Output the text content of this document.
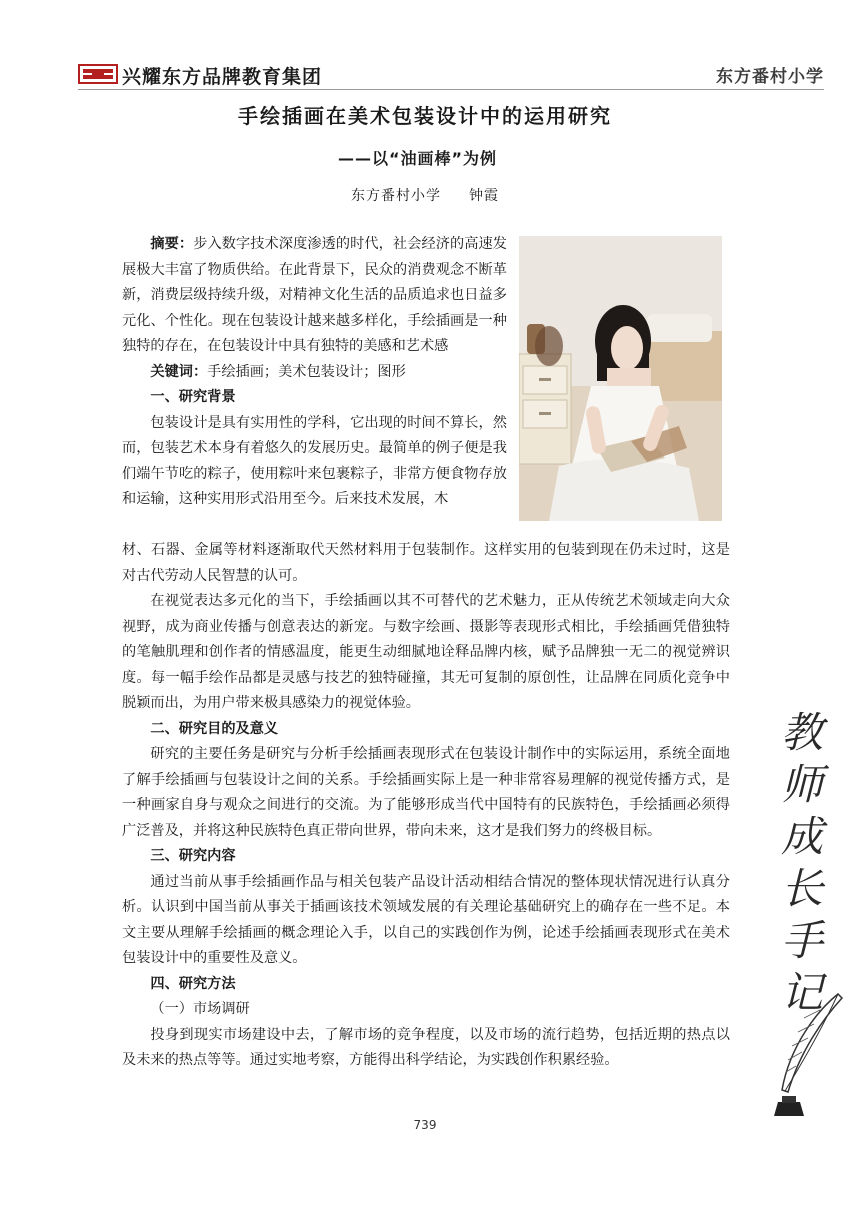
兴耀东方品牌教育集团	东方番村小学
手绘插画在美术包装设计中的运用研究
——以“油画棒”为例
东方番村小学 钟霞

摘要：步入数字技术深度渗透的时代，社会经济的高速发展极大丰富了物质供给。在此背景下，民众的消费观念不断革新，消费层级持续升级，对精神文化生活的品质追求也日益多元化、个性化。现在包装设计越来越多样化，手绘插画是一种独特的存在，在包装设计中具有独特的美感和艺术感

关键词：手绘插画；美术包装设计；图形

一、研究背景

包装设计是具有实用性的学科，它出现的时间不算长，然而，包装艺术本身有着悠久的发展历史。最简单的例子便是我们端午节吃的粽子，使用粽叶来包裹粽子，非常方便食物存放和运输，这种实用形式沿用至今。后来技术发展，木

材、石器、金属等材料逐渐取代天然材料用于包装制作。这样实用的包装到现在仍未过时，这是对古代劳动人民智慧的认可。

在视觉表达多元化的当下，手绘插画以其不可替代的艺术魅力，正从传统艺术领域走向大众视野，成为商业传播与创意表达的新宠。与数字绘画、摄影等表现形式相比，手绘插画凭借独特的笔触肌理和创作者的情感温度，能更生动细腻地诠释品牌内核，赋予品牌独一无二的视觉辨识度。每一幅手绘作品都是灵感与技艺的独特碰撞，其无可复制的原创性，让品牌在同质化竞争中脱颖而出，为用户带来极具感染力的视觉体验。

二、研究目的及意义

研究的主要任务是研究与分析手绘插画表现形式在包装设计制作中的实际运用，系统全面地了解手绘插画与包装设计之间的关系。手绘插画实际上是一种非常容易理解的视觉传播方式，是一种画家自身与观众之间进行的交流。为了能够形成当代中国特有的民族特色，手绘插画必须得广泛普及，并将这种民族特色真正带向世界，带向未来，这才是我们努力的终极目标。

三、研究内容

通过当前从事手绘插画作品与相关包装产品设计活动相结合情况的整体现状情况进行认真分析。认识到中国当前从事关于插画该技术领域发展的有关理论基础研究上的确存在一些不足。本文主要从理解手绘插画的概念理论入手，以自己的实践创作为例，论述手绘插画表现形式在美术包装设计中的重要性及意义。

四、研究方法

（一）市场调研

投身到现实市场建设中去，了解市场的竞争程度，以及市场的流行趋势，包括近期的热点以及未来的热点等等。通过实地考察，方能得出科学结论，为实践创作积累经验。

739
教
师
成
长
手
记
